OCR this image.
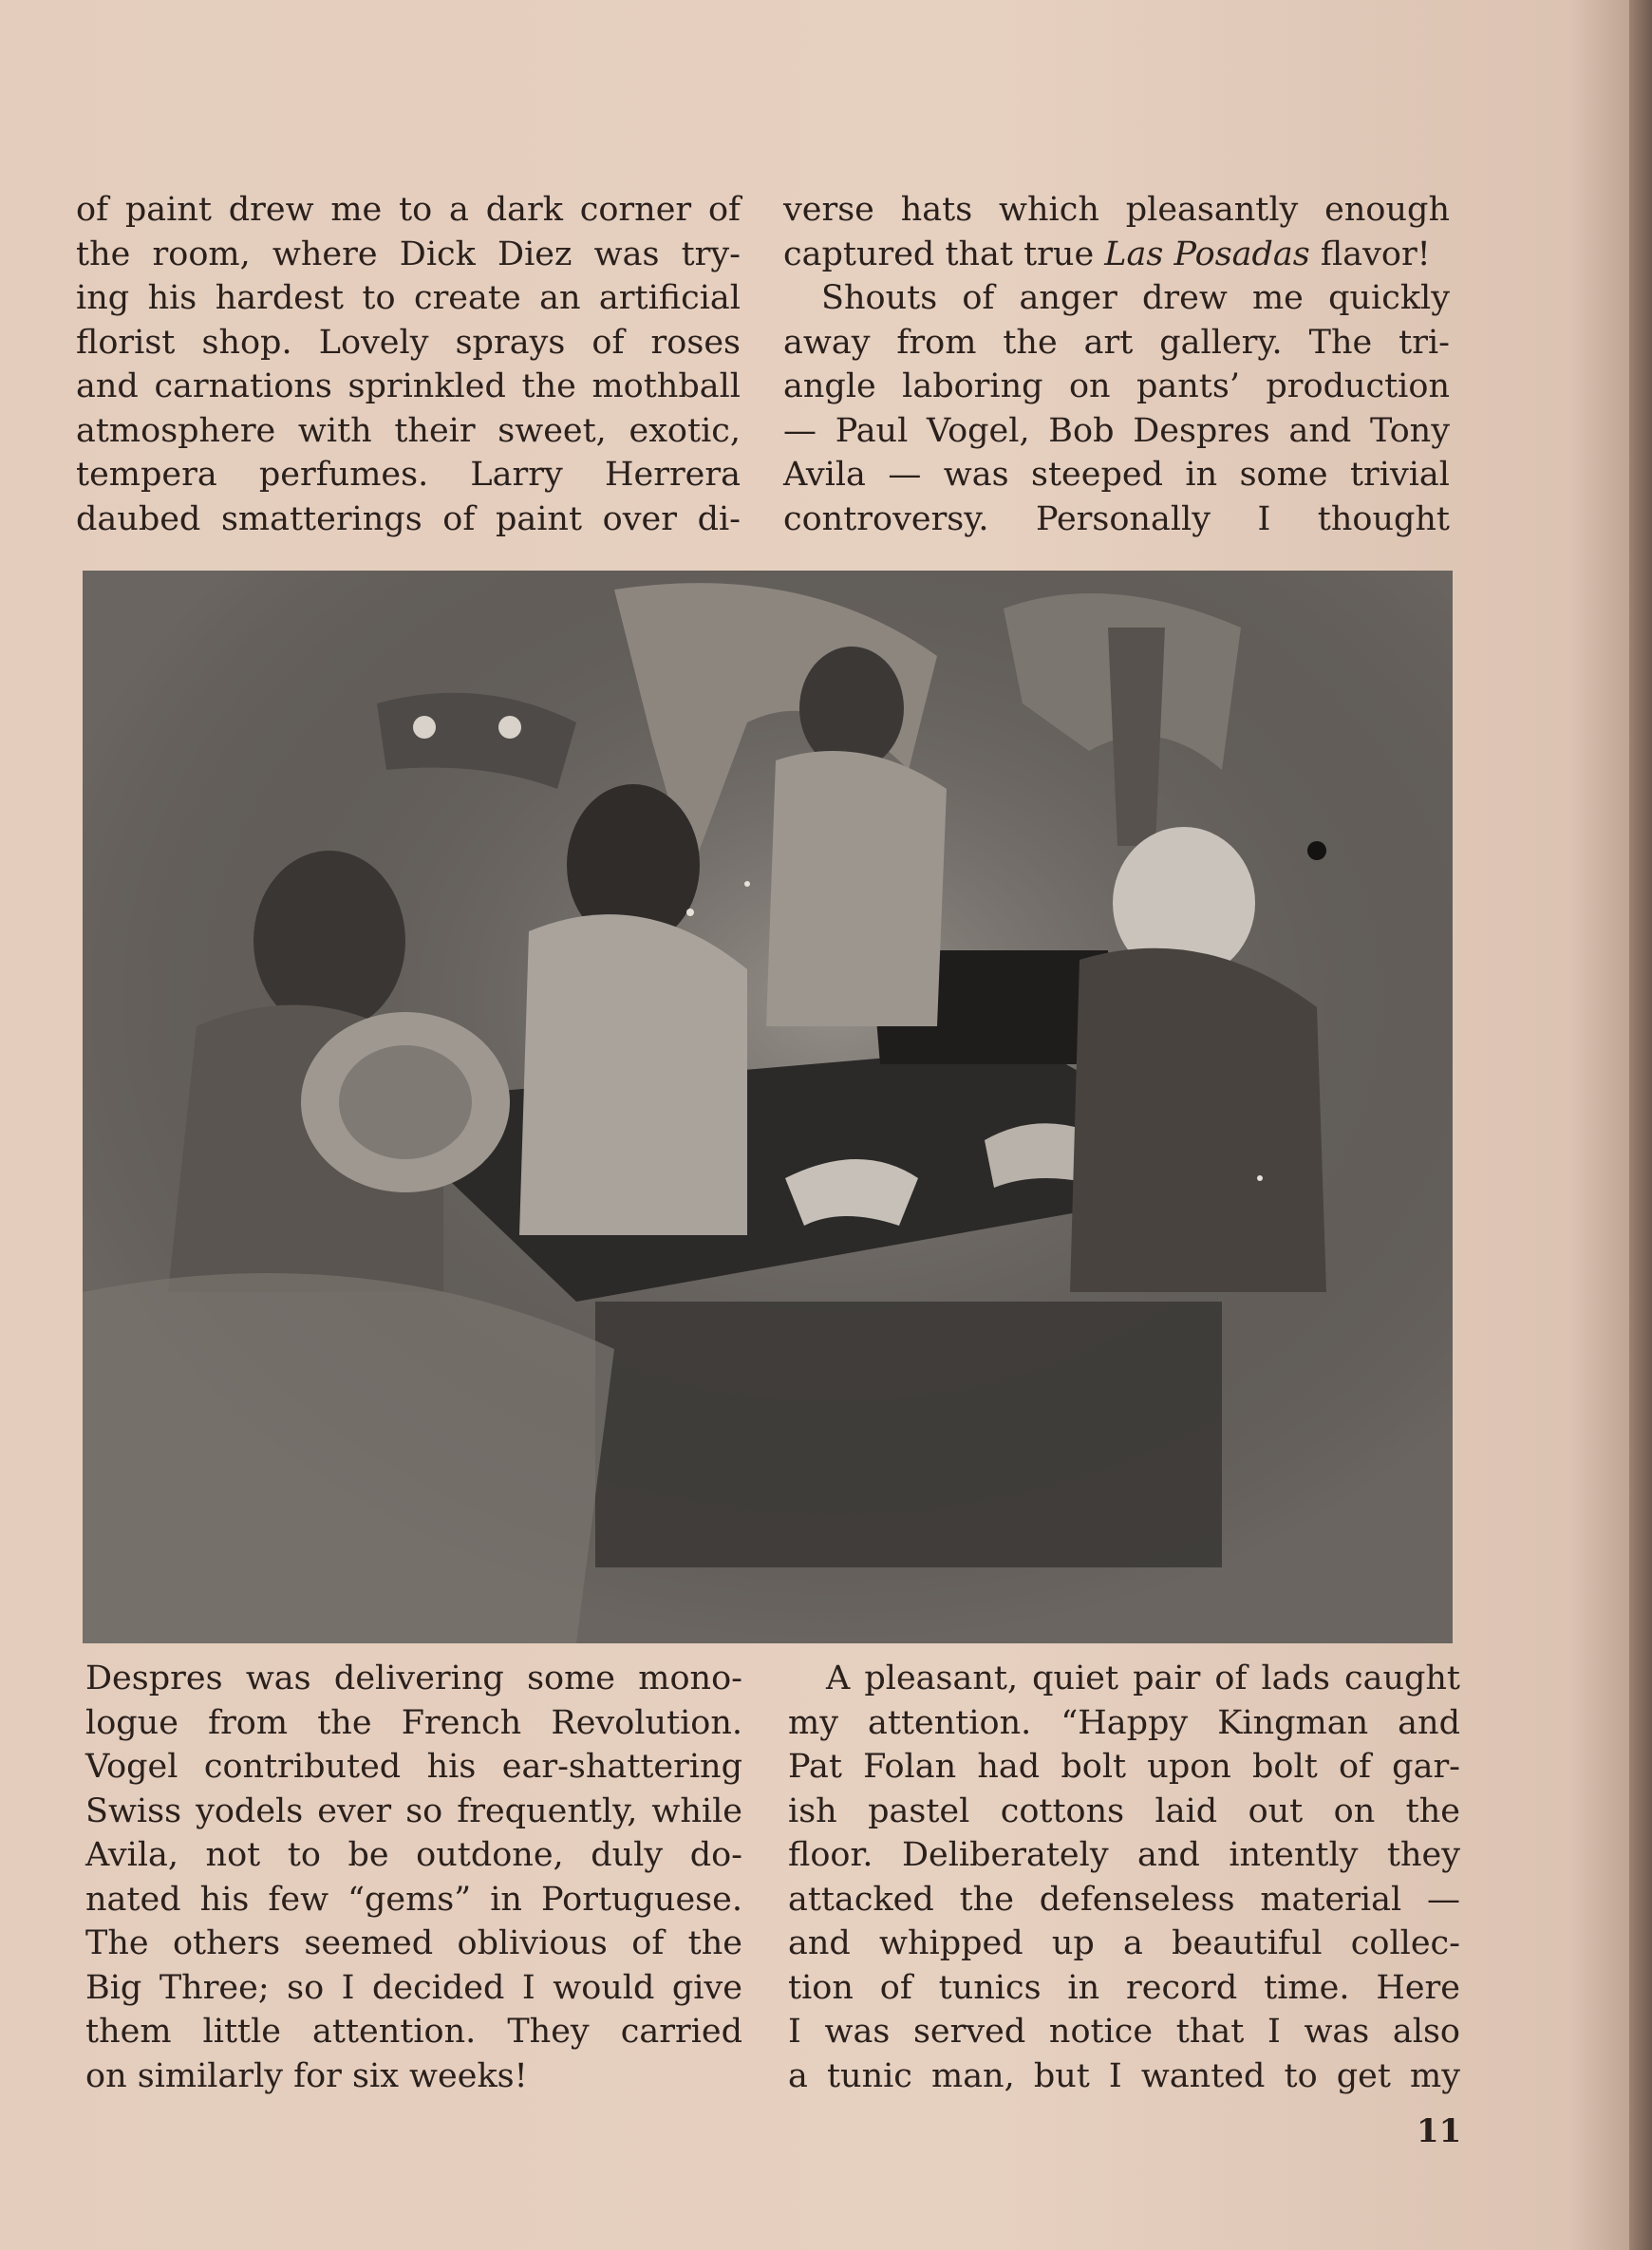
of paint drew me to a dark corner of
the room, where Dick Diez was try-
ing his hardest to create an artificial
florist shop. Lovely sprays of roses
and carnations sprinkled the mothball
atmosphere with their sweet, exotic,
tempera perfumes. Larry Herrera
daubed smatterings of paint over di-
verse hats which pleasantly enough
captured that true Las Posadas flavor!
Shouts of anger drew me quickly
away from the art gallery. The tri-
angle laboring on pants’ production
— Paul Vogel, Bob Despres and Tony
Avila — was steeped in some trivial
controversy. Personally I thought
Despres was delivering some mono-
logue from the French Revolution.
Vogel contributed his ear-shattering
Swiss yodels ever so frequently, while
Avila, not to be outdone, duly do-
nated his few “gems” in Portuguese.
The others seemed oblivious of the
Big Three; so I decided I would give
them little attention. They carried
on similarly for six weeks!
A pleasant, quiet pair of lads caught
my attention. “Happy Kingman and
Pat Folan had bolt upon bolt of gar-
ish pastel cottons laid out on the
floor. Deliberately and intently they
attacked the defenseless material —
and whipped up a beautiful collec-
tion of tunics in record time. Here
I was served notice that I was also
a tunic man, but I wanted to get my
11
